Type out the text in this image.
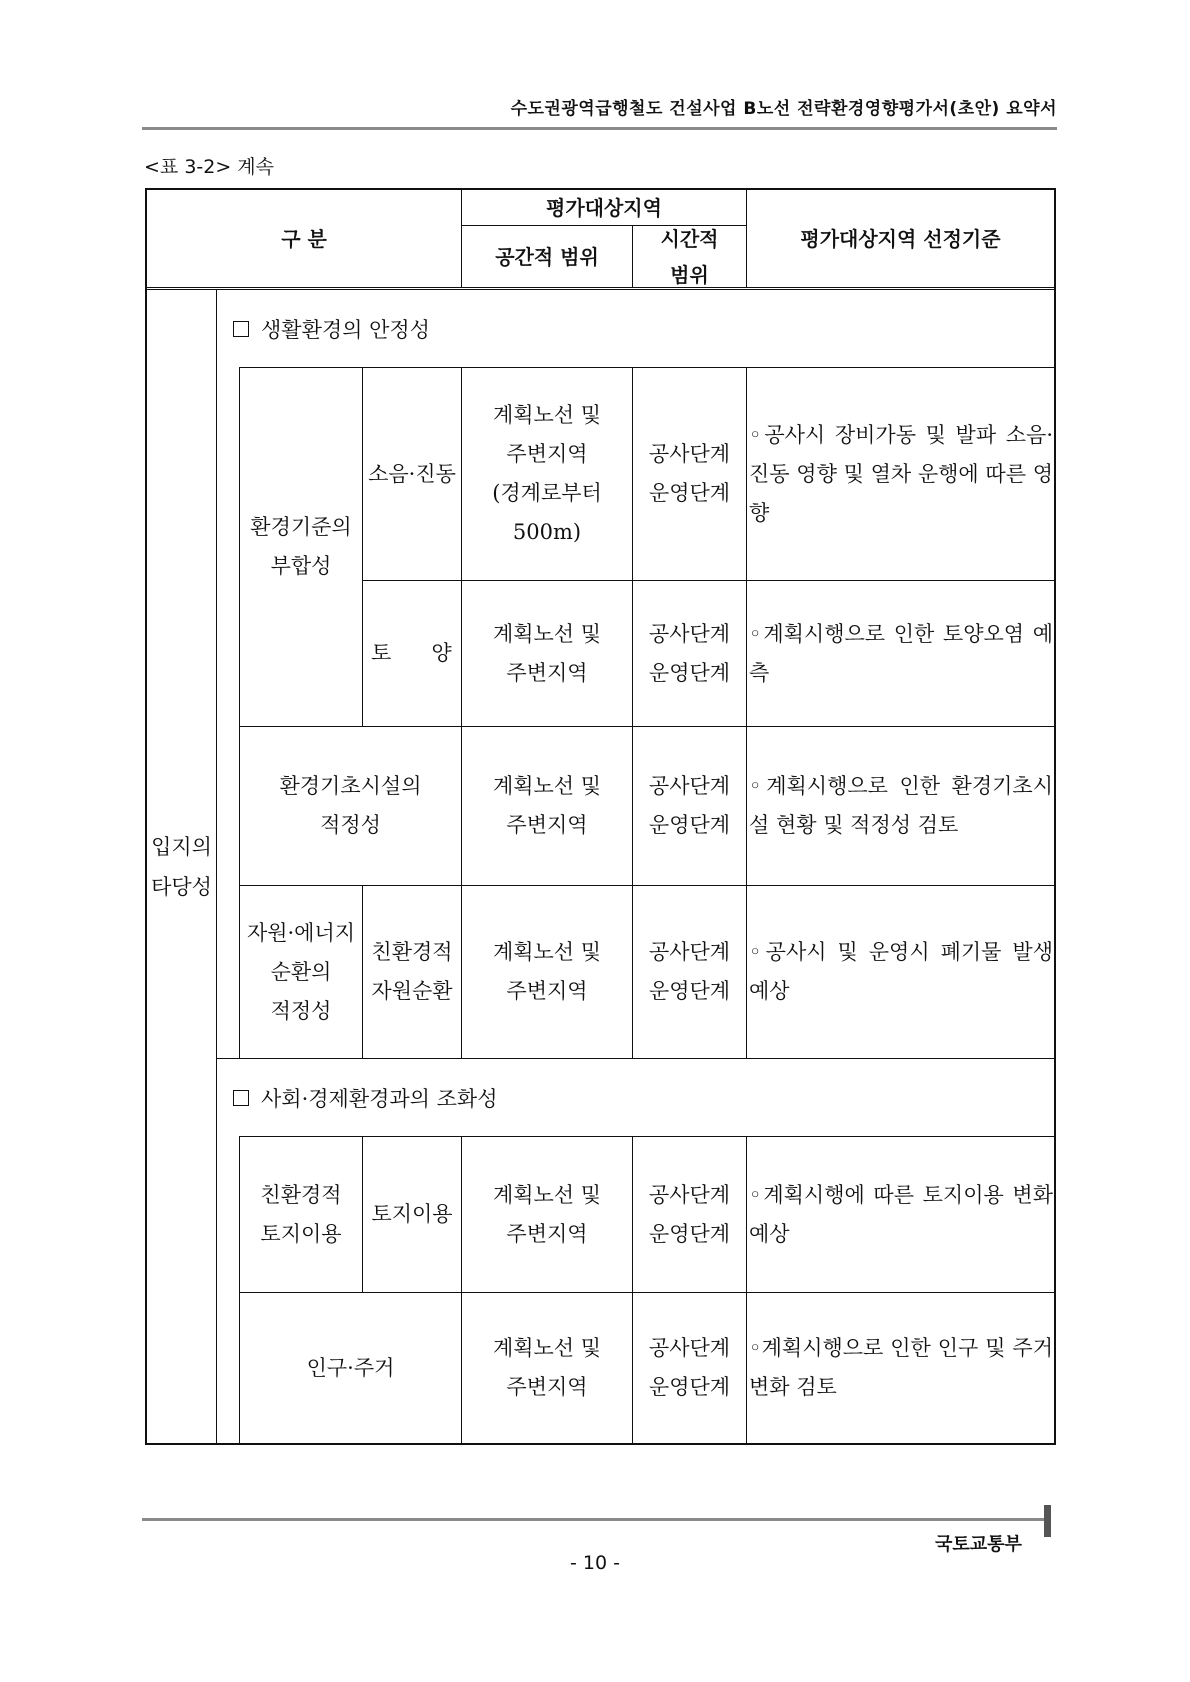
수도권광역급행철도 건설사업 B노선 전략환경영향평가서(초안) 요약서

<표 3-2> 계속

구 분
평가대상지역
공간적 범위
시간적
범위
평가대상지역 선정기준
입지의
타당성
생활환경의 안정성
환경기준의
부합성
소음·진동
계획노선 및
주변지역
(경계로부터
500m)
공사단계
운영단계
◦공사시 장비가동 및 발파 소음·진동 영향 및 열차 운행에 따른 영향
토      양
계획노선 및
주변지역
공사단계
운영단계
◦계획시행으로 인한 토양오염 예측
환경기초시설의
적정성
계획노선 및
주변지역
공사단계
운영단계
◦계획시행으로 인한 환경기초시설 현황 및 적정성 검토
자원·에너지
순환의
적정성
친환경적
자원순환
계획노선 및
주변지역
공사단계
운영단계
◦공사시 및 운영시 폐기물 발생 예상
사회·경제환경과의 조화성
친환경적
토지이용
토지이용
계획노선 및
주변지역
공사단계
운영단계
◦계획시행에 따른 토지이용 변화 예상
인구·주거
계획노선 및
주변지역
공사단계
운영단계
◦계획시행으로 인한 인구 및 주거 변화 검토

국토교통부

- 10 -
